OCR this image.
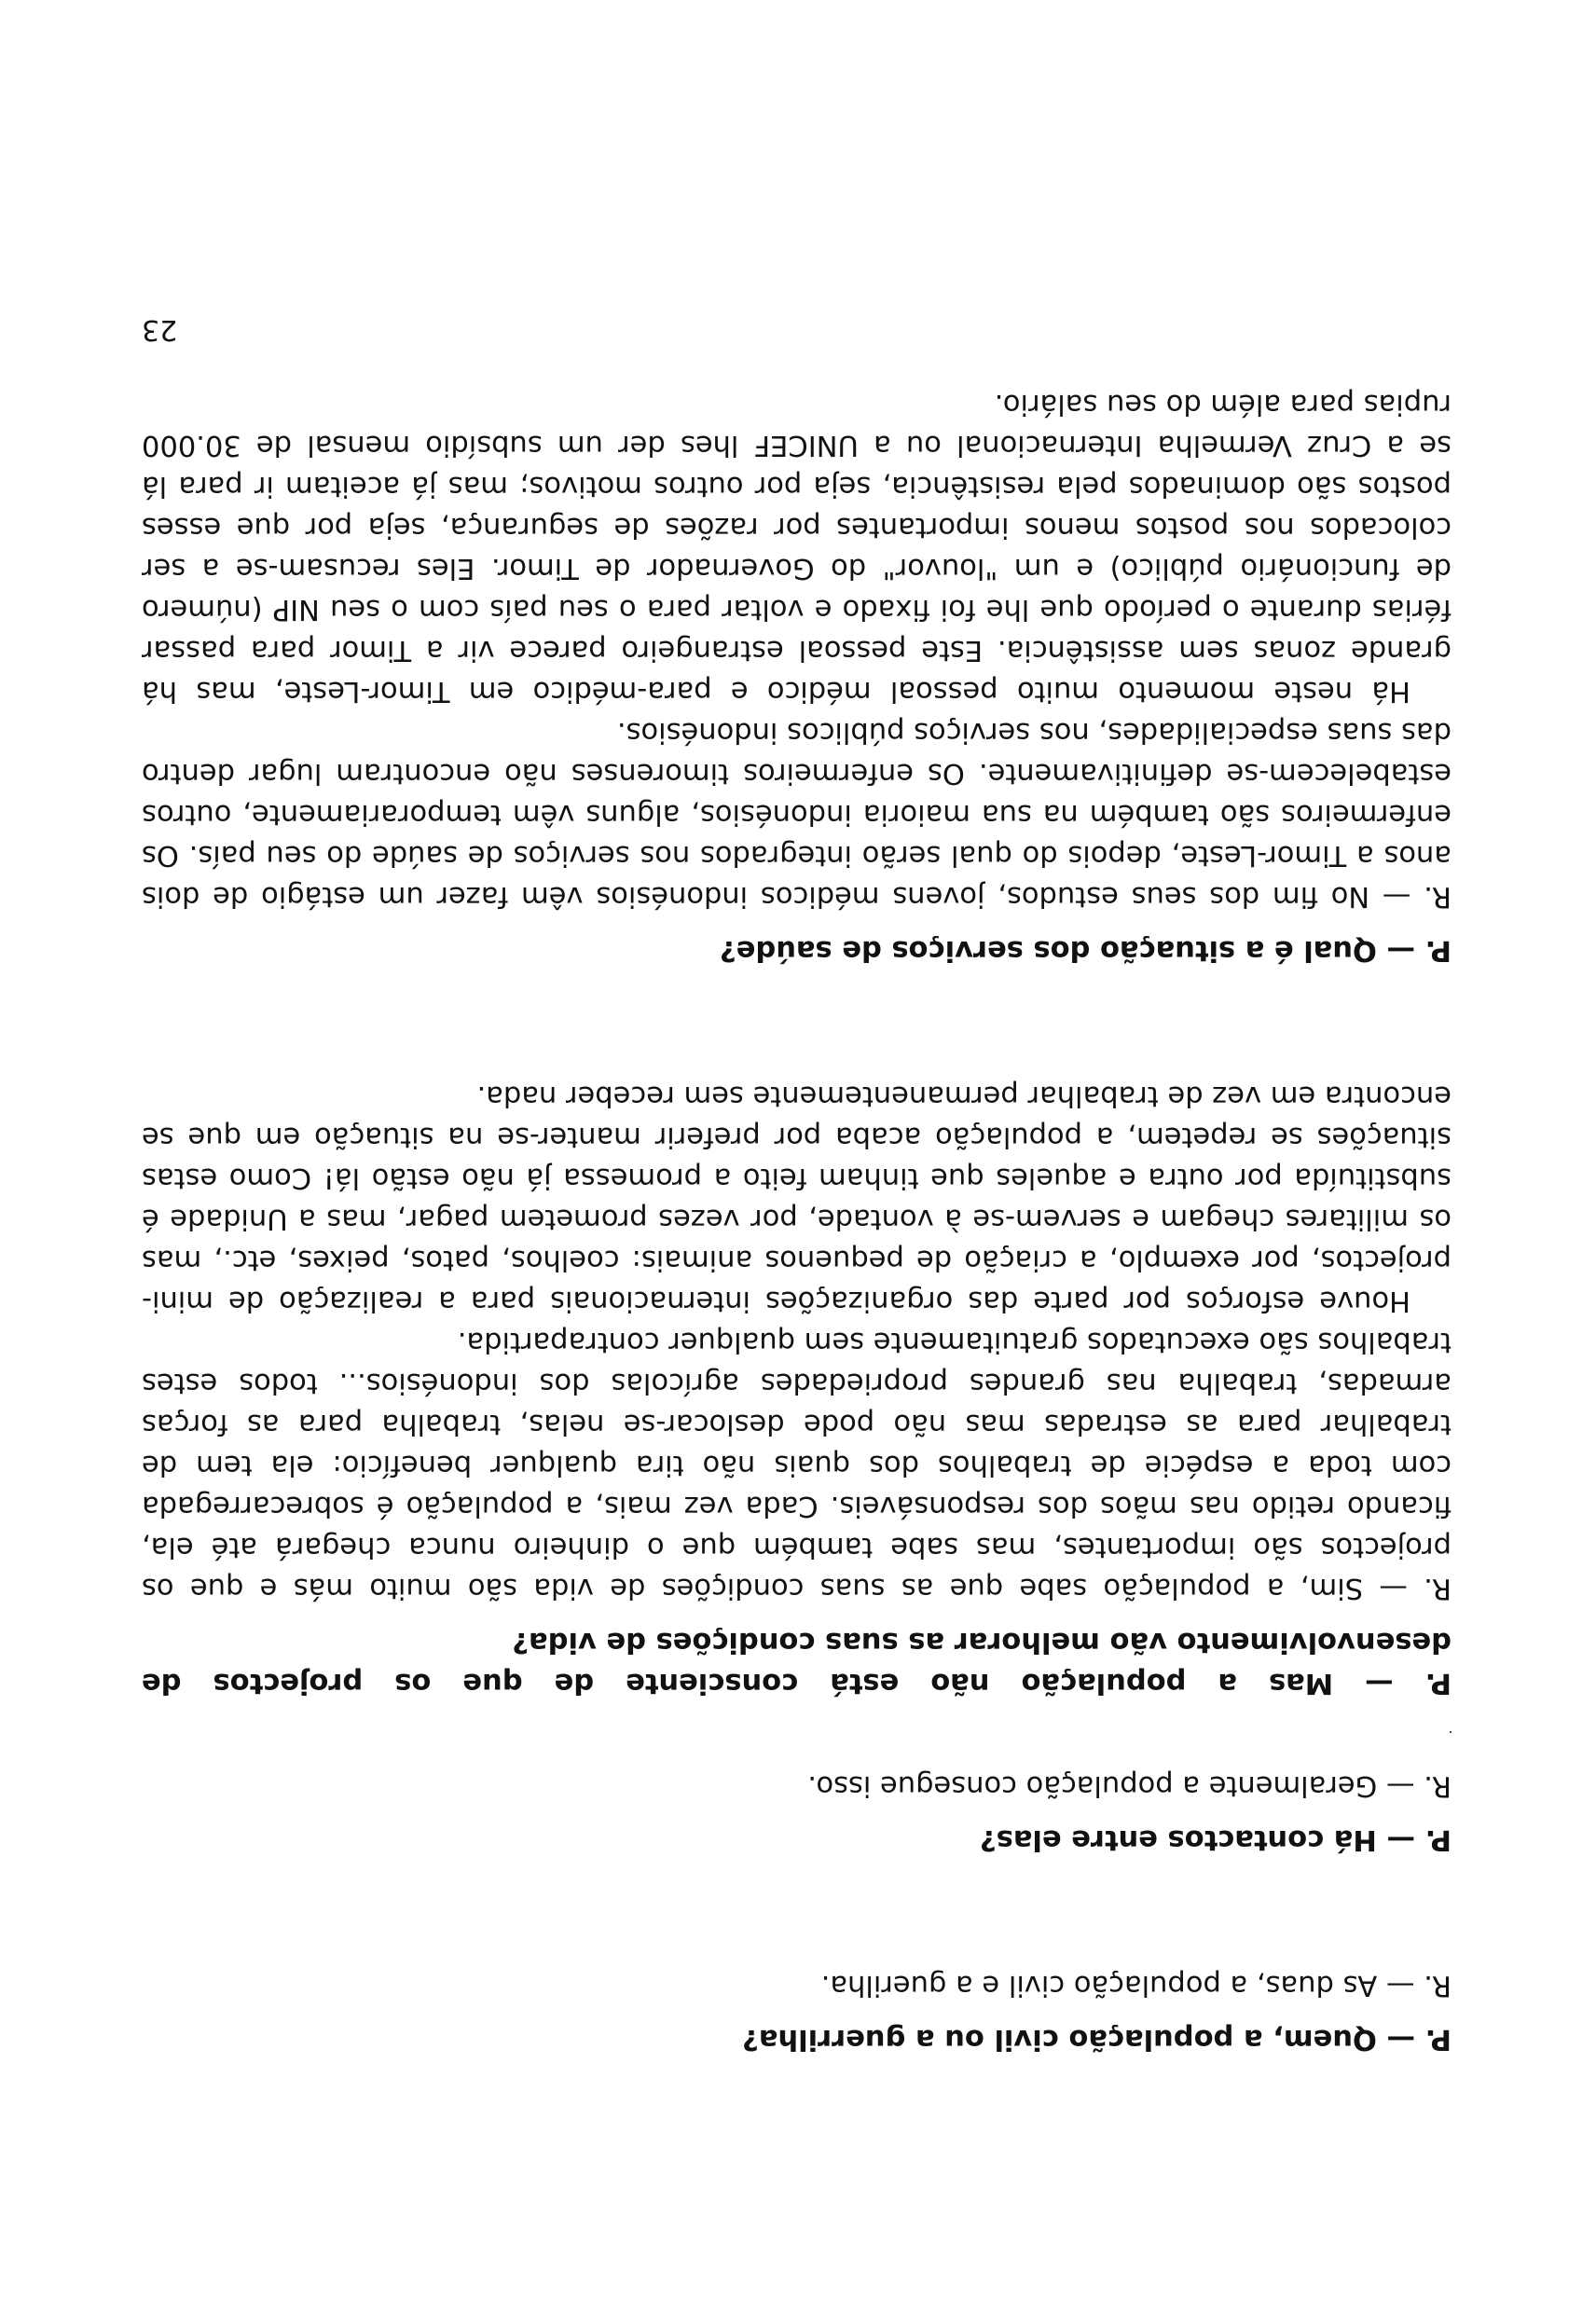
P. — Quem, a população civil ou a guerrilha?

R. — As duas, a população civil e a guerilha.

P. — Há contactos entre elas?

R. — Geralmente a população consegue isso.

P. — Mas a população não está consciente de que os projectos de desenvolvimento vão melhorar as suas condições de vida?

R. — Sim, a população sabe que as suas condições de vida são muito más e que os projectos são importantes, mas sabe também que o dinheiro nunca chegará até ela, ficando retido nas mãos dos responsáveis. Cada vez mais, a população é sobrecarregada com toda a espécie de trabalhos dos quais não tira qualquer benefício: ela tem de trabalhar para as estradas mas não pode deslocar-se nelas, trabalha para as forças armadas, trabalha nas grandes propriedades agrícolas dos indonésios... todos estes trabalhos são executados gratuitamente sem qualquer contrapartida.

Houve esforços por parte das organizações internacionais para a realização de mini-projectos, por exemplo, a criação de pequenos animais: coelhos, patos, peixes, etc., mas os militares chegam e servem-se à vontade, por vezes prometem pagar, mas a Unidade é substituída por outra e aqueles que tinham feito a promessa já não estão lá! Como estas situações se repetem, a população acaba por preferir manter-se na situação em que se encontra em vez de trabalhar permanentemente sem receber nada.

P. — Qual é a situação dos serviços de saúde?

R. — No fim dos seus estudos, jovens médicos indonésios vêm fazer um estágio de dois anos a Timor-Leste, depois do qual serão integrados nos serviços de saúde do seu país. Os enfermeiros são também na sua maioria indonésios, alguns vêm temporariamente, outros estabelecem-se definitivamente. Os enfermeiros timorenses não encontram lugar dentro das suas especialidades, nos serviços públicos indonésios.

Há neste momento muito pessoal médico e para-médico em Timor-Leste, mas há grande zonas sem assistência. Este pessoal estrangeiro parece vir a Timor para passar férias durante o período que lhe foi fixado e voltar para o seu país com o seu NIP (número de funcionário público) e um "louvor" do Governador de Timor. Eles recusam-se a ser colocados nos postos menos importantes por razões de segurança, seja por que esses postos são dominados pela resistência, seja por outros motivos; mas já aceitam ir para lá se a Cruz Vermelha Internacional ou a UNICEF lhes der um subsídio mensal de 30.000 rupias para além do seu salário.

23
